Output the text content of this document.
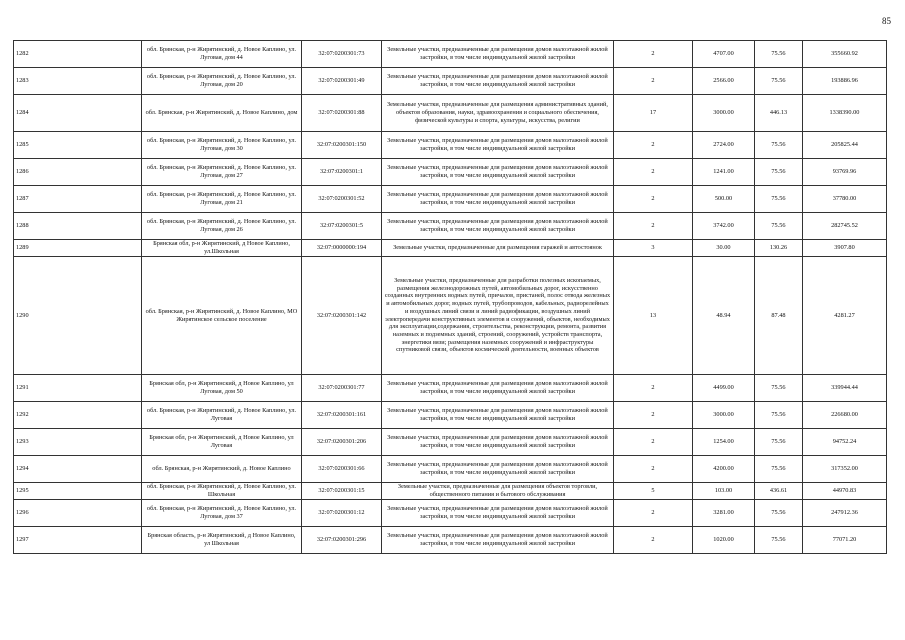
85
1282	обл. Брянская, р-н Жирятинский, д. Новое Каплино, ул. Луговая, дом 44	32:07:0200301:73	Земельные участки, предназначенные для размещения домов малоэтажной жилой застройки, в том числе индивидуальной жилой застройки	2	4707.00	75.56	355660.92
1283	обл. Брянская, р-н Жирятинский, д. Новое Каплино, ул. Луговая, дом 20	32:07:0200301:49	Земельные участки, предназначенные для размещения домов малоэтажной жилой застройки, в том числе индивидуальной жилой застройки	2	2566.00	75.56	193886.96
1284	обл. Брянская, р-н Жирятинский, д. Новое Каплино, дом	32:07:0200301:88	Земельные участки, предназначенные для размещения административных зданий, объектов образования, науки, здравоохранения и социального обеспечения, физической культуры и спорта, культуры, искусства, религии	17	3000.00	446.13	1338390.00
1285	обл. Брянская, р-н Жирятинский, д. Новое Каплино, ул. Луговая, дом 30	32:07:0200301:150	Земельные участки, предназначенные для размещения домов малоэтажной жилой застройки, в том числе индивидуальной жилой застройки	2	2724.00	75.56	205825.44
1286	обл. Брянская, р-н Жирятинский, д. Новое Каплино, ул. Луговая, дом 27	32:07:0200301:1	Земельные участки, предназначенные для размещения домов малоэтажной жилой застройки, в том числе индивидуальной жилой застройки	2	1241.00	75.56	93769.96
1287	обл. Брянская, р-н Жирятинский, д. Новое Каплино, ул. Луговая, дом 21	32:07:0200301:52	Земельные участки, предназначенные для размещения домов малоэтажной жилой застройки, в том числе индивидуальной жилой застройки	2	500.00	75.56	37780.00
1288	обл. Брянская, р-н Жирятинский, д. Новое Каплино, ул. Луговая, дом 26	32:07:0200301:5	Земельные участки, предназначенные для размещения домов малоэтажной жилой застройки, в том числе индивидуальной жилой застройки	2	3742.00	75.56	282745.52
1289	Брянская обл, р-н Жирятинский, д Новое Каплино, ул.Школьная	32:07:0000000:194	Земельные участки, предназначенные для размещения гаражей и автостоянок	3	30.00	130.26	3907.80
1290	обл. Брянская, р-н Жирятинский, д. Новое Каплино, МО Жирятинское сельское поселение	32:07:0200301:142	Земельные участки, предназначенные для разработки полезных ископаемых, размещения железнодорожных путей, автомобильных дорог, искусственно созданных внутренних водных путей, причалов, пристаней, полос отвода железных и автомобильных дорог, водных путей, трубопроводов, кабельных, радиорелейных и воздушных линий связи и линий радиофикации, воздушных линий электропередачи конструктивных элементов и сооружений, объектов, необходимых для эксплуатации,содержания, строительства, реконструкции, ремонта, развития наземных и подземных зданий, строений, сооружений, устройств транспорта, энергетики вязи; размещения наземных сооружений и инфраструктуры спутниковой связи, объектов космической деятельности, военных объектов	13	48.94	87.48	4281.27
1291	Брянская обл, р-н Жирятинский, д Новое Каплино, ул Луговая, дом 50	32:07:0200301:77	Земельные участки, предназначенные для размещения домов малоэтажной жилой застройки, в том числе индивидуальной жилой застройки	2	4499.00	75.56	339944.44
1292	обл. Брянская, р-н Жирятинский, д. Новое Каплино, ул. Луговая	32:07:0200301:161	Земельные участки, предназначенные для размещения домов малоэтажной жилой застройки, в том числе индивидуальной жилой застройки	2	3000.00	75.56	226680.00
1293	Брянская обл, р-н Жирятинский, д Новое Каплино, ул Луговая	32:07:0200301:206	Земельные участки, предназначенные для размещения домов малоэтажной жилой застройки, в том числе индивидуальной жилой застройки	2	1254.00	75.56	94752.24
1294	обл. Брянская, р-н Жирятинский, д. Новое Каплино	32:07:0200301:66	Земельные участки, предназначенные для размещения домов малоэтажной жилой застройки, в том числе индивидуальной жилой застройки	2	4200.00	75.56	317352.00
1295	обл. Брянская, р-н Жирятинский, д. Новое Каплино, ул. Школьная	32:07:0200301:15	Земельные участки, предназначенные для размещения объектов торговли, общественного питания и бытового обслуживания	5	103.00	436.61	44970.83
1296	обл. Брянская, р-н Жирятинский, д. Новое Каплино, ул. Луговая, дом 37	32:07:0200301:12	Земельные участки, предназначенные для размещения домов малоэтажной жилой застройки, в том числе индивидуальной жилой застройки	2	3281.00	75.56	247912.36
1297	Брянская область, р-н Жирятинский, д Новое Каплино, ул Школьная	32:07:0200301:296	Земельные участки, предназначенные для размещения домов малоэтажной жилой застройки, в том числе индивидуальной жилой застройки	2	1020.00	75.56	77071.20
